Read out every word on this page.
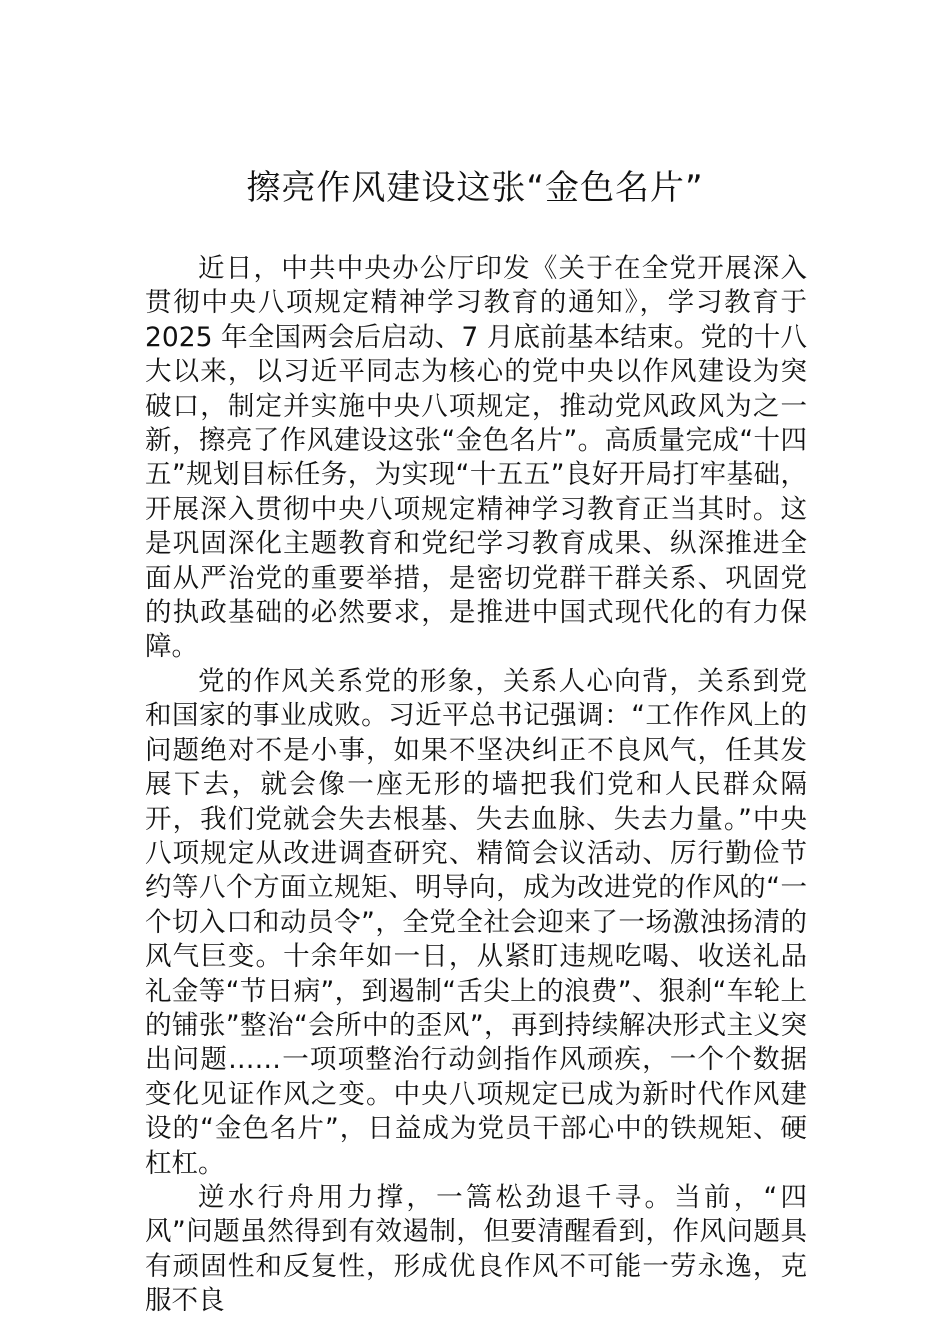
擦亮作风建设这张“金色名片”

近日，中共中央办公厅印发《关于在全党开展深入贯彻中央八项规定精神学习教育的通知》，学习教育于 2025 年全国两会后启动、7 月底前基本结束。党的十八大以来，以习近平同志为核心的党中央以作风建设为突破口，制定并实施中央八项规定，推动党风政风为之一新，擦亮了作风建设这张“金色名片”。高质量完成“十四五”规划目标任务，为实现“十五五”良好开局打牢基础，开展深入贯彻中央八项规定精神学习教育正当其时。这是巩固深化主题教育和党纪学习教育成果、纵深推进全面从严治党的重要举措，是密切党群干群关系、巩固党的执政基础的必然要求，是推进中国式现代化的有力保障。

党的作风关系党的形象，关系人心向背，关系到党和国家的事业成败。习近平总书记强调：“工作作风上的问题绝对不是小事，如果不坚决纠正不良风气，任其发展下去，就会像一座无形的墙把我们党和人民群众隔开，我们党就会失去根基、失去血脉、失去力量。”中央八项规定从改进调查研究、精简会议活动、厉行勤俭节约等八个方面立规矩、明导向，成为改进党的作风的“一个切入口和动员令”，全党全社会迎来了一场激浊扬清的风气巨变。十余年如一日，从紧盯违规吃喝、收送礼品礼金等“节日病”，到遏制“舌尖上的浪费”、狠刹“车轮上的铺张”整治“会所中的歪风”，再到持续解决形式主义突出问题……一项项整治行动剑指作风顽疾，一个个数据变化见证作风之变。中央八项规定已成为新时代作风建设的“金色名片”，日益成为党员干部心中的铁规矩、硬杠杠。

逆水行舟用力撑，一篙松劲退千寻。当前，“四风”问题虽然得到有效遏制，但要清醒看到，作风问题具有顽固性和反复性，形成优良作风不可能一劳永逸，克服不良
